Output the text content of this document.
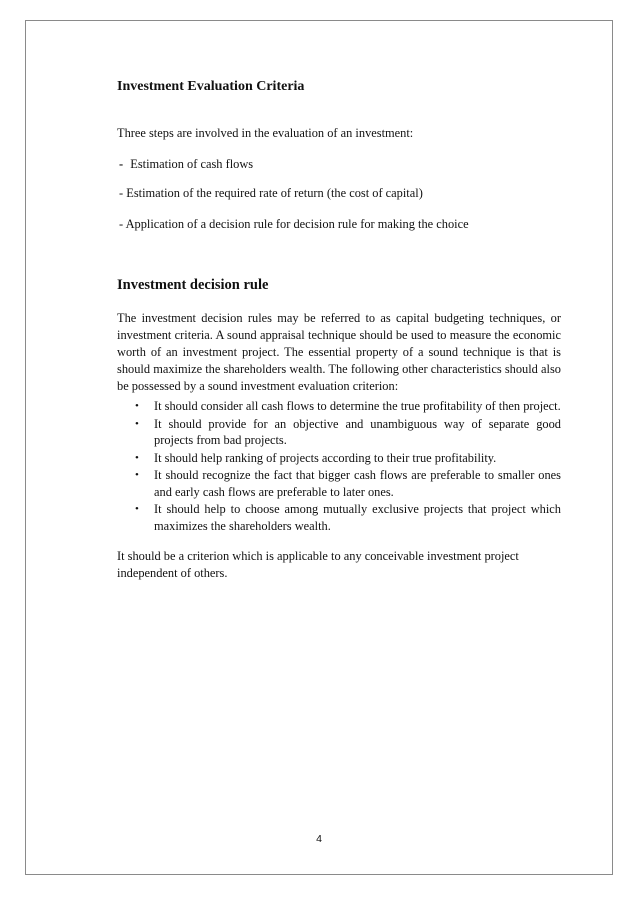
Investment Evaluation Criteria
Three steps are involved in the evaluation of an investment:
- Estimation of cash flows
- Estimation of the required rate of return (the cost of capital)
- Application of a decision rule for decision rule for making the choice
Investment decision rule
The investment decision rules may be referred to as capital budgeting techniques, or investment criteria. A sound appraisal technique should be used to measure the economic worth of an investment project. The essential property of a sound technique is that is should maximize the shareholders wealth. The following other characteristics should also be possessed by a sound investment evaluation criterion:
• It should consider all cash flows to determine the true profitability of then project.
• It should provide for an objective and unambiguous way of separate good projects from bad projects.
• It should help ranking of projects according to their true profitability.
• It should recognize the fact that bigger cash flows are preferable to smaller ones and early cash flows are preferable to later ones.
• It should help to choose among mutually exclusive projects that project which maximizes the shareholders wealth.
It should be a criterion which is applicable to any conceivable investment project independent of others.
4
